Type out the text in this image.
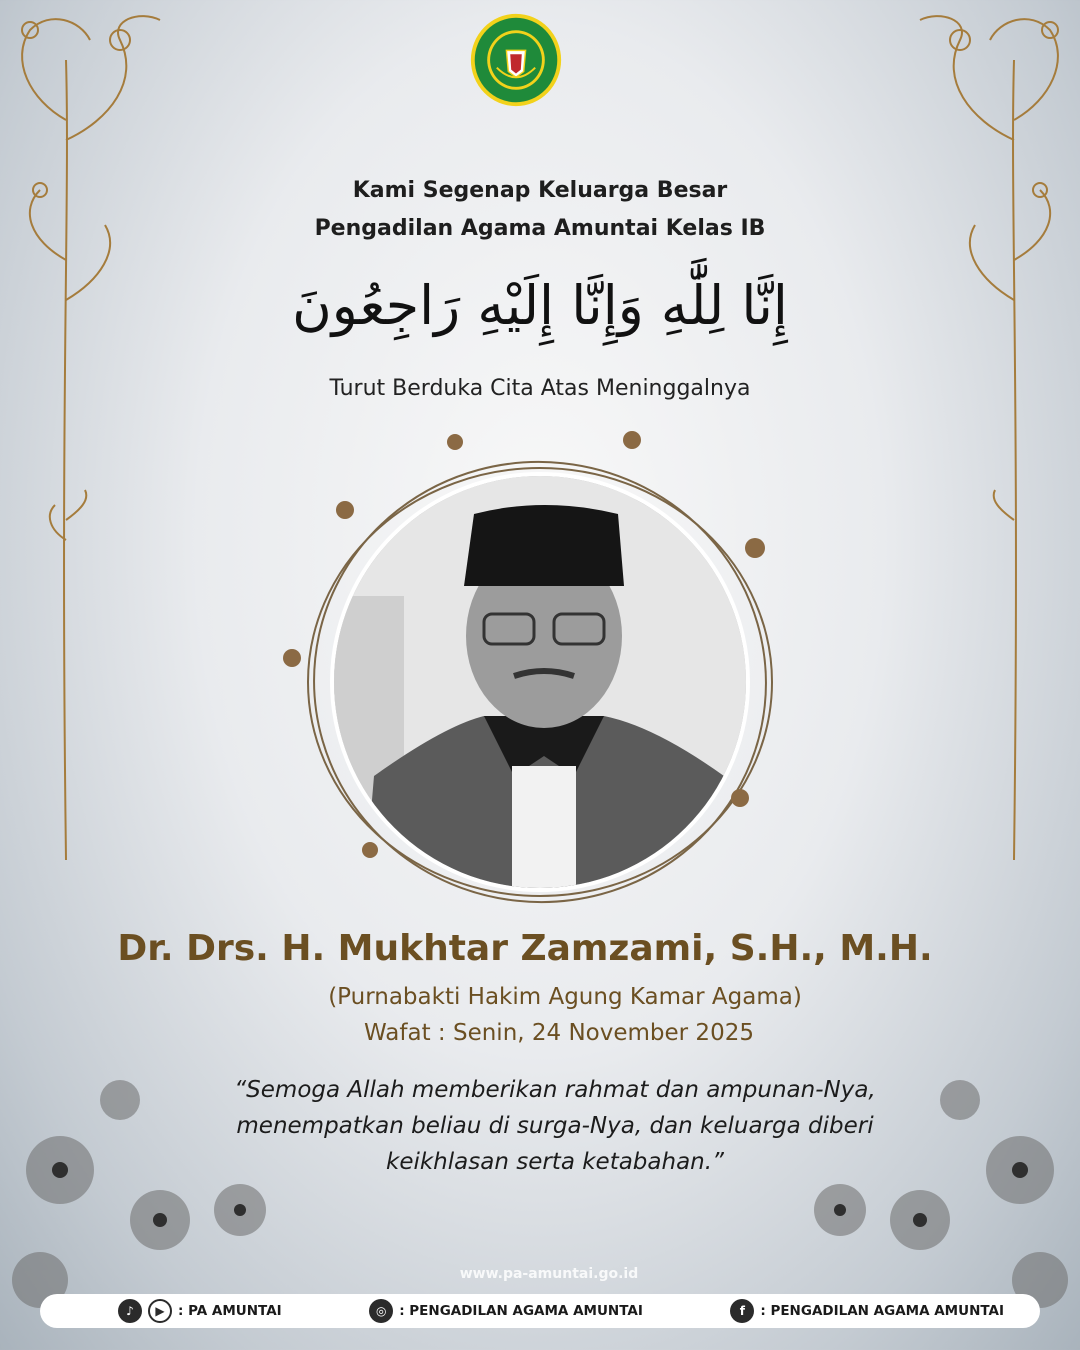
Kami Segenap Keluarga Besar
Pengadilan Agama Amuntai Kelas IB
إِنَّا لِلَّٰهِ وَإِنَّا إِلَيْهِ رَاجِعُونَ
Turut Berduka Cita Atas Meninggalnya
Dr. Drs. H. Mukhtar Zamzami, S.H., M.H.
(Purnabakti Hakim Agung Kamar Agama)
Wafat : Senin, 24 November 2025
“Semoga Allah memberikan rahmat dan ampunan-Nya,
menempatkan beliau di surga-Nya, dan keluarga diberi
keikhlasan serta ketabahan.”
www.pa-amuntai.go.id
♪	▶ : PA AMUNTAI	◎ : PENGADILAN AGAMA AMUNTAI	f	: PENGADILAN AGAMA AMUNTAI
